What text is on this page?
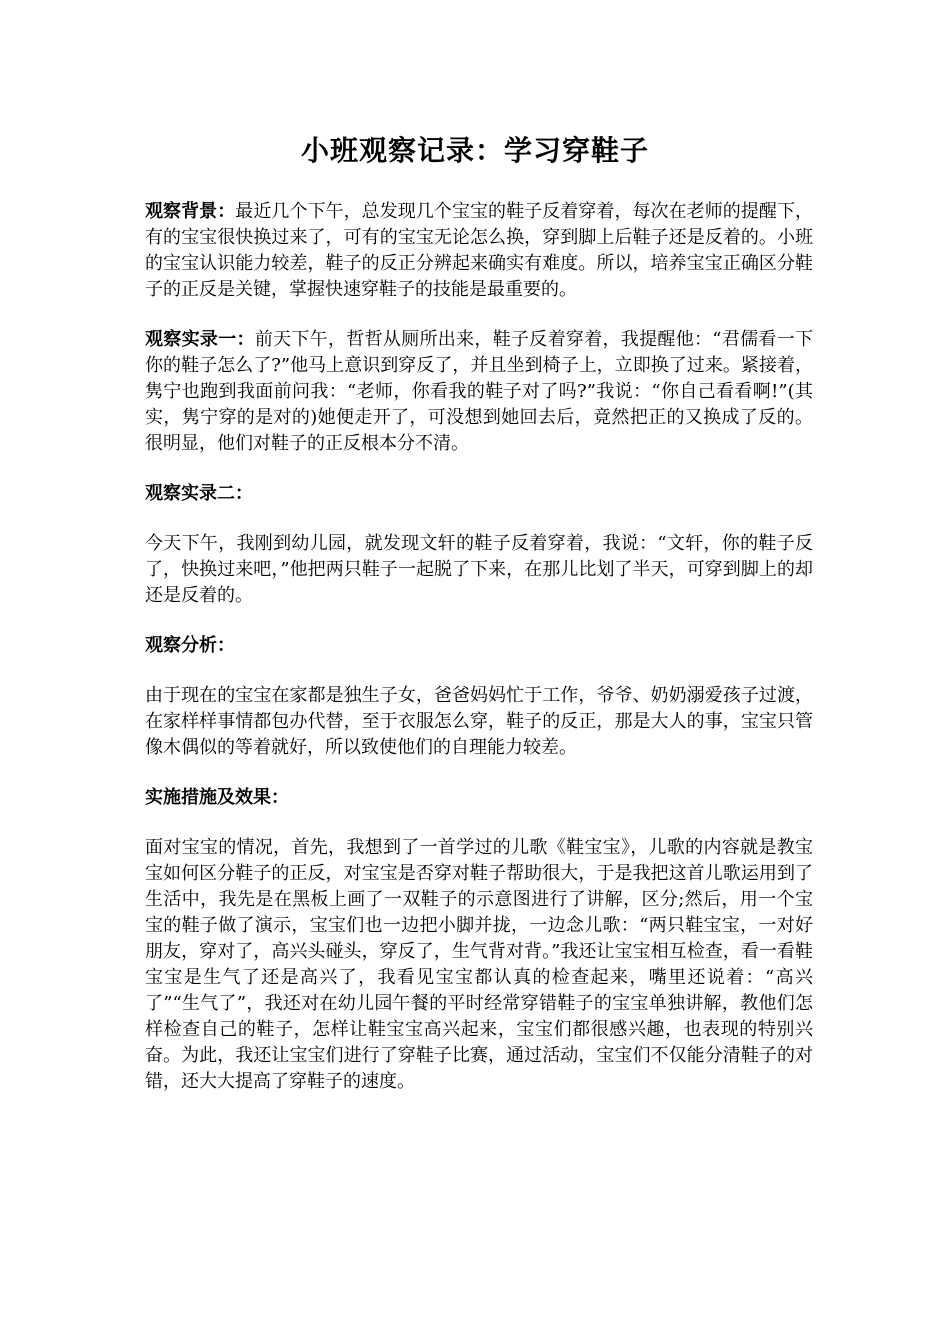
小班观察记录：学习穿鞋子

观察背景：最近几个下午，总发现几个宝宝的鞋子反着穿着，每次在老师的提醒下，有的宝宝很快换过来了，可有的宝宝无论怎么换，穿到脚上后鞋子还是反着的。小班的宝宝认识能力较差，鞋子的反正分辨起来确实有难度。所以，培养宝宝正确区分鞋子的正反是关键，掌握快速穿鞋子的技能是最重要的。

观察实录一：前天下午，哲哲从厕所出来，鞋子反着穿着，我提醒他：“君儒看一下你的鞋子怎么了?”他马上意识到穿反了，并且坐到椅子上，立即换了过来。紧接着，隽宁也跑到我面前问我：“老师，你看我的鞋子对了吗?”我说：“你自己看看啊!”(其实，隽宁穿的是对的)她便走开了，可没想到她回去后，竟然把正的又换成了反的。很明显，他们对鞋子的正反根本分不清。

观察实录二：

今天下午，我刚到幼儿园，就发现文轩的鞋子反着穿着，我说：“文轩，你的鞋子反了，快换过来吧，”他把两只鞋子一起脱了下来，在那儿比划了半天，可穿到脚上的却还是反着的。

观察分析：

由于现在的宝宝在家都是独生子女，爸爸妈妈忙于工作，爷爷、奶奶溺爱孩子过渡，在家样样事情都包办代替，至于衣服怎么穿，鞋子的反正，那是大人的事，宝宝只管像木偶似的等着就好，所以致使他们的自理能力较差。

实施措施及效果：

面对宝宝的情况，首先，我想到了一首学过的儿歌《鞋宝宝》，儿歌的内容就是教宝宝如何区分鞋子的正反，对宝宝是否穿对鞋子帮助很大，于是我把这首儿歌运用到了生活中，我先是在黑板上画了一双鞋子的示意图进行了讲解，区分;然后，用一个宝宝的鞋子做了演示，宝宝们也一边把小脚并拢，一边念儿歌：“两只鞋宝宝，一对好朋友，穿对了，高兴头碰头，穿反了，生气背对背。”我还让宝宝相互检查，看一看鞋宝宝是生气了还是高兴了，我看见宝宝都认真的检查起来，嘴里还说着：“高兴了”“生气了”，我还对在幼儿园午餐的平时经常穿错鞋子的宝宝单独讲解，教他们怎样检查自己的鞋子，怎样让鞋宝宝高兴起来，宝宝们都很感兴趣，也表现的特别兴奋。为此，我还让宝宝们进行了穿鞋子比赛，通过活动，宝宝们不仅能分清鞋子的对错，还大大提高了穿鞋子的速度。
